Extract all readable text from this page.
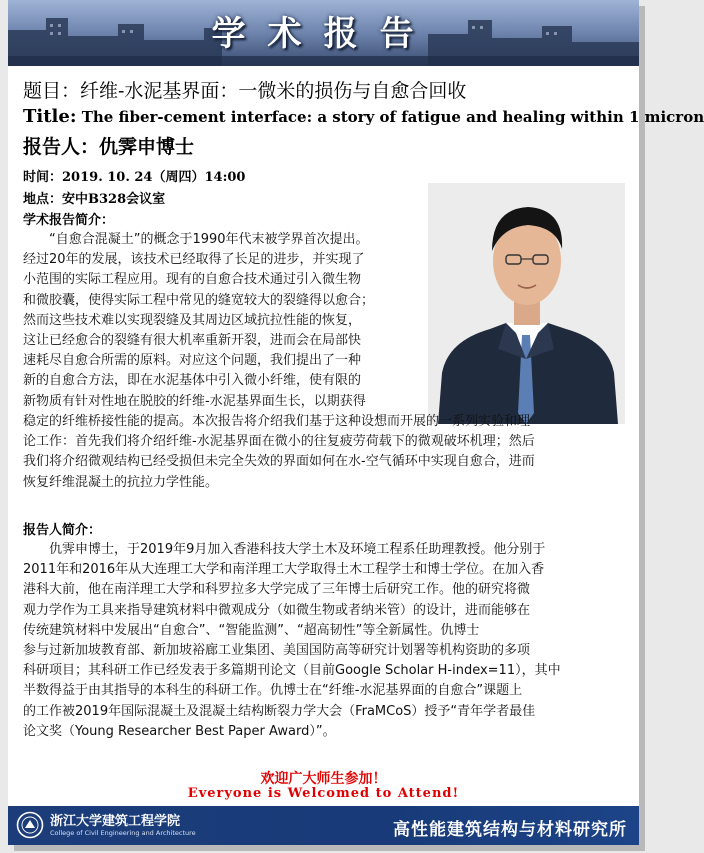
学术报告
题目：纤维-水泥基界面：一微米的损伤与自愈合回收
Title: The fiber-cement interface: a story of fatigue and healing within 1 micron
报告人：仇霁申博士
时间：2019. 10. 24（周四）14:00
地点：安中B328会议室
学术报告简介：
“自愈合混凝土”的概念于1990年代末被学界首次提出。
经过20年的发展，该技术已经取得了长足的进步，并实现了
小范围的实际工程应用。现有的自愈合技术通过引入微生物
和微胶囊，使得实际工程中常见的缝宽较大的裂缝得以愈合；
然而这些技术难以实现裂缝及其周边区域抗拉性能的恢复，
这让已经愈合的裂缝有很大机率重新开裂，进而会在局部快
速耗尽自愈合所需的原料。对应这个问题，我们提出了一种
新的自愈合方法，即在水泥基体中引入微小纤维，使有限的
新物质有针对性地在脱胶的纤维-水泥基界面生长，以期获得
稳定的纤维桥接性能的提高。本次报告将介绍我们基于这种设想而开展的一系列实验和理
论工作：首先我们将介绍纤维-水泥基界面在微小的往复疲劳荷载下的微观破坏机理；然后
我们将介绍微观结构已经受损但未完全失效的界面如何在水-空气循环中实现自愈合，进而
恢复纤维混凝土的抗拉力学性能。
报告人简介：
仇霁申博士，于2019年9月加入香港科技大学土木及环境工程系任助理教授。他分别于
2011年和2016年从大连理工大学和南洋理工大学取得土木工程学士和博士学位。在加入香
港科大前，他在南洋理工大学和科罗拉多大学完成了三年博士后研究工作。他的研究将微
观力学作为工具来指导建筑材料中微观成分（如微生物或者纳米管）的设计，进而能够在
传统建筑材料中发展出“自愈合”、“智能监测”、“超高韧性”等全新属性。仇博士
参与过新加坡教育部、新加坡裕廊工业集团、美国国防高等研究计划署等机构资助的多项
科研项目；其科研工作已经发表于多篇期刊论文（目前Google Scholar H-index=11），其中
半数得益于由其指导的本科生的科研工作。仇博士在“纤维-水泥基界面的自愈合”课题上
的工作被2019年国际混凝土及混凝土结构断裂力学大会（FraMCoS）授予“青年学者最佳
论文奖（Young Researcher Best Paper Award）”。
欢迎广大师生参加！
Everyone is Welcomed to Attend!
浙江大学建筑工程学院
College of Civil Engineering and Architecture	高性能建筑结构与材料研究所
